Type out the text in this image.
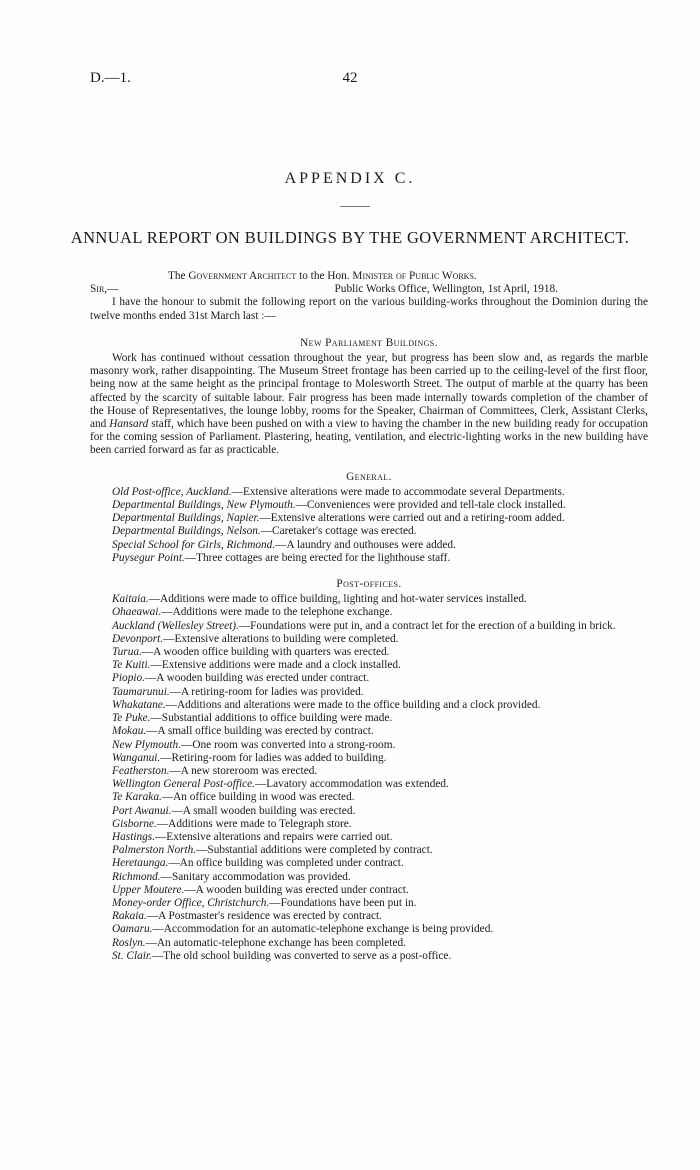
D.—1.	42
APPENDIX C.
ANNUAL REPORT ON BUILDINGS BY THE GOVERNMENT ARCHITECT.

The Government Architect to the Hon. Minister of Public Works.

Sir,—	Public Works Office, Wellington, 1st April, 1918.

I have the honour to submit the following report on the various building-works throughout the Dominion during the twelve months ended 31st March last :—

New Parliament Buildings.

Work has continued without cessation throughout the year, but progress has been slow and, as regards the marble masonry work, rather disappointing. The Museum Street frontage has been carried up to the ceiling-level of the first floor, being now at the same height as the principal frontage to Molesworth Street. The output of marble at the quarry has been affected by the scarcity of suitable labour. Fair progress has been made internally towards completion of the chamber of the House of Representatives, the lounge lobby, rooms for the Speaker, Chairman of Committees, Clerk, Assistant Clerks, and Hansard staff, which have been pushed on with a view to having the chamber in the new building ready for occupation for the coming session of Parliament. Plastering, heating, ventilation, and electric-lighting works in the new building have been carried forward as far as practicable.

General.

Old Post-office, Auckland.—Extensive alterations were made to accommodate several Departments.

Departmental Buildings, New Plymouth.—Conveniences were provided and tell-tale clock installed.

Departmental Buildings, Napier.—Extensive alterations were carried out and a retiring-room added.

Departmental Buildings, Nelson.—Caretaker's cottage was erected.

Special School for Girls, Richmond.—A laundry and outhouses were added.

Puysegur Point.—Three cottages are being erected for the lighthouse staff.

Post-offices.

Kaitaia.—Additions were made to office building, lighting and hot-water services installed.

Ohaeawai.—Additions were made to the telephone exchange.

Auckland (Wellesley Street).—Foundations were put in, and a contract let for the erection of a building in brick.

Devonport.—Extensive alterations to building were completed.

Turua.—A wooden office building with quarters was erected.

Te Kuiti.—Extensive additions were made and a clock installed.

Piopio.—A wooden building was erected under contract.

Taumarunui.—A retiring-room for ladies was provided.

Whakatane.—Additions and alterations were made to the office building and a clock provided.

Te Puke.—Substantial additions to office building were made.

Mokau.—A small office building was erected by contract.

New Plymouth.—One room was converted into a strong-room.

Wanganui.—Retiring-room for ladies was added to building.

Featherston.—A new storeroom was erected.

Wellington General Post-office.—Lavatory accommodation was extended.

Te Karaka.—An office building in wood was erected.

Port Awanui.—A small wooden building was erected.

Gisborne.—Additions were made to Telegraph store.

Hastings.—Extensive alterations and repairs were carried out.

Palmerston North.—Substantial additions were completed by contract.

Heretaunga.—An office building was completed under contract.

Richmond.—Sanitary accommodation was provided.

Upper Moutere.—A wooden building was erected under contract.

Money-order Office, Christchurch.—Foundations have been put in.

Rakaia.—A Postmaster's residence was erected by contract.

Oamaru.—Accommodation for an automatic-telephone exchange is being provided.

Roslyn.—An automatic-telephone exchange has been completed.

St. Clair.—The old school building was converted to serve as a post-office.
